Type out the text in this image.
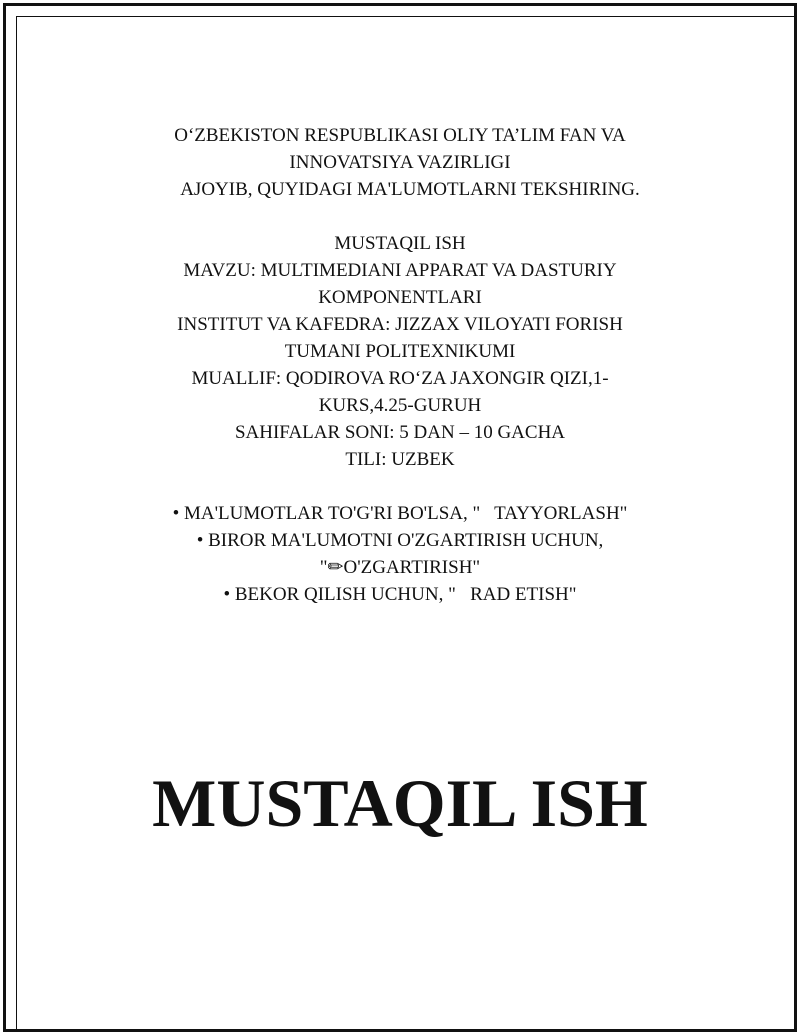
O‘ZBEKISTON RESPUBLIKASI OLIY TA’LIM FAN VA
INNOVATSIYA VAZIRLIGI
AJOYIB, QUYIDAGI MA'LUMOTLARNI TEKSHIRING.
MUSTAQIL ISH
MAVZU: MULTIMEDIANI APPARAT VA DASTURIY
KOMPONENTLARI
INSTITUT VA KAFEDRA: JIZZAX VILOYATI FORISH
TUMANI POLITEXNIKUMI
MUALLIF: QODIROVA RO‘ZA JAXONGIR QIZI,1-
KURS,4.25-GURUH
SAHIFALAR SONI: 5 DAN – 10 GACHA
TILI: UZBEK
• MA'LUMOTLAR TO'G'RI BO'LSA, "   TAYYORLASH"
• BIROR MA'LUMOTNI O'ZGARTIRISH UCHUN,
"✏O'ZGARTIRISH"
• BEKOR QILISH UCHUN, "   RAD ETISH"
MUSTAQIL ISH
